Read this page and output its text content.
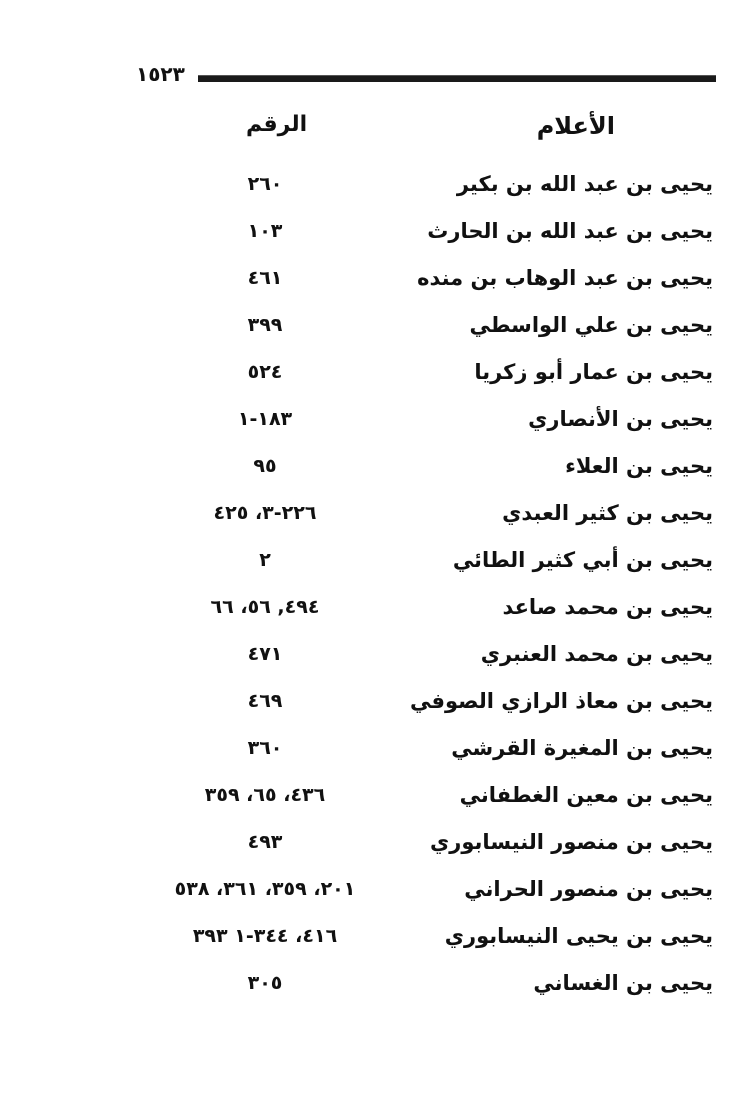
١٥٢٣
الأعلام
الرقم
يحيى بن عبد الله بن بكير
٢٦٠
يحيى بن عبد الله بن الحارث
١٠٣
يحيى بن عبد الوهاب بن منده
٤٦١
يحيى بن علي الواسطي
٣٩٩
يحيى بن عمار أبو زكريا
٥٢٤
يحيى بن الأنصاري
١٨٣-١
يحيى بن العلاء
٩٥
يحيى بن كثير العبدي
٢٢٦-٣، ٤٢٥
يحيى بن أبي كثير الطائي
٢
يحيى بن محمد صاعد
٤٩٤, ٥٦، ٦٦
يحيى بن محمد العنبري
٤٧١
يحيى بن معاذ الرازي الصوفي
٤٦٩
يحيى بن المغيرة القرشي
٣٦٠
يحيى بن معين الغطفاني
٤٣٦، ٦٥، ٣٥٩
يحيى بن منصور النيسابوري
٤٩٣
يحيى بن منصور الحراني
٢٠١، ٣٥٩، ٣٦١، ٥٣٨
يحيى بن يحيى النيسابوري
٤١٦، ٣٤٤-١ ٣٩٣
يحيى بن الغساني
٣٠٥
